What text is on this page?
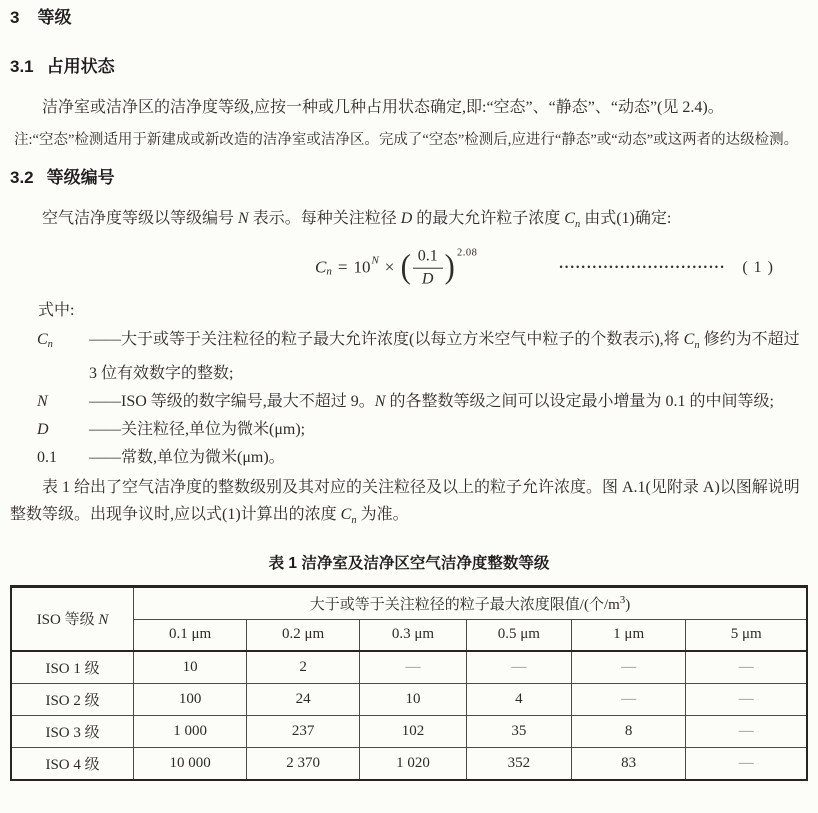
3 等级
3.1 占用状态

洁净室或洁净区的洁净度等级,应按一种或几种占用状态确定,即:“空态”、“静态”、“动态”(见 2.4)。

注:“空态”检测适用于新建成或新改造的洁净室或洁净区。完成了“空态”检测后,应进行“静态”或“动态”或这两者的达级检测。

3.2 等级编号

空气洁净度等级以等级编号 N 表示。每种关注粒径 D 的最大允许粒子浓度 $C_n$ 由式(1)确定:

$C_n = 10^N$ × ( $\frac{0.1}{D} )^{2.08}$
•••••••••••••••••••••••••••••• ( 1 )

式中:

Cn	——大于或等于关注粒径的粒子最大允许浓度(以每立方米空气中粒子的个数表示),将 $C_n$ 修约为不超过 3 位有效数字的整数;
N	——ISO 等级的数字编号,最大不超过 9。N 的各整数等级之间可以设定最小增量为 0.1 的中间等级;
D	——关注粒径,单位为微米(μm);
0.1	——常数,单位为微米(μm)。

表 1 给出了空气洁净度的整数级别及其对应的关注粒径及以上的粒子允许浓度。图 A.1(见附录 A)以图解说明整数等级。出现争议时,应以式(1)计算出的浓度 $C_n$ 为准。

表 1 洁净室及洁净区空气洁净度整数等级
ISO 等级 N	大于或等于关注粒径的粒子最大浓度限值/(个$/m^3$)					
	0.1 μm	0.2 μm	0.3 μm	0.5 μm	1 μm	5 μm
ISO 1 级	10	2	—	—	—	—
ISO 2 级	100	24	10	4	—	—
ISO 3 级	1 000	237	102	35	8	—
ISO 4 级	10 000	2 370	1 020	352	83	—
